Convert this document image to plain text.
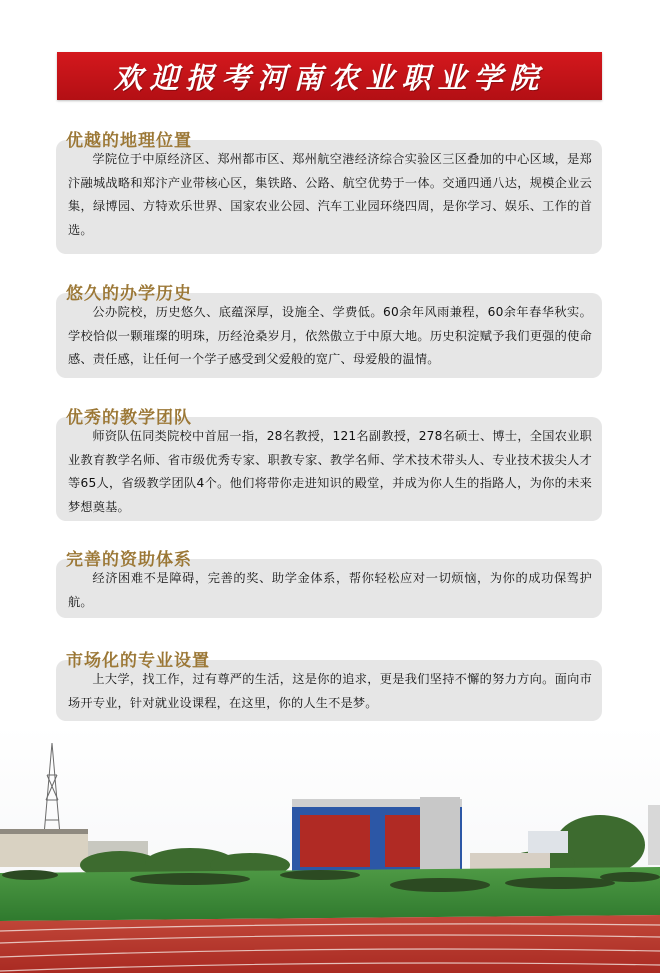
欢迎报考河南农业职业学院
优越的地理位置

学院位于中原经济区、郑州都市区、郑州航空港经济综合实验区三区叠加的中心区域，是郑汴融城战略和郑汴产业带核心区，集铁路、公路、航空优势于一体。交通四通八达，规模企业云集，绿博园、方特欢乐世界、国家农业公园、汽车工业园环绕四周，是你学习、娱乐、工作的首选。

悠久的办学历史

公办院校，历史悠久、底蕴深厚，设施全、学费低。60余年风雨兼程，60余年春华秋实。学校恰似一颗璀璨的明珠，历经沧桑岁月，依然傲立于中原大地。历史积淀赋予我们更强的使命感、责任感，让任何一个学子感受到父爱般的宽广、母爱般的温情。

优秀的教学团队

师资队伍同类院校中首屈一指，28名教授，121名副教授，278名硕士、博士，全国农业职业教育教学名师、省市级优秀专家、职教专家、教学名师、学术技术带头人、专业技术拔尖人才等65人，省级教学团队4个。他们将带你走进知识的殿堂，并成为你人生的指路人，为你的未来梦想奠基。

完善的资助体系

经济困难不是障碍，完善的奖、助学金体系，帮你轻松应对一切烦恼，为你的成功保驾护航。

市场化的专业设置

上大学，找工作，过有尊严的生活，这是你的追求，更是我们坚持不懈的努力方向。面向市场开专业，针对就业设课程，在这里，你的人生不是梦。
